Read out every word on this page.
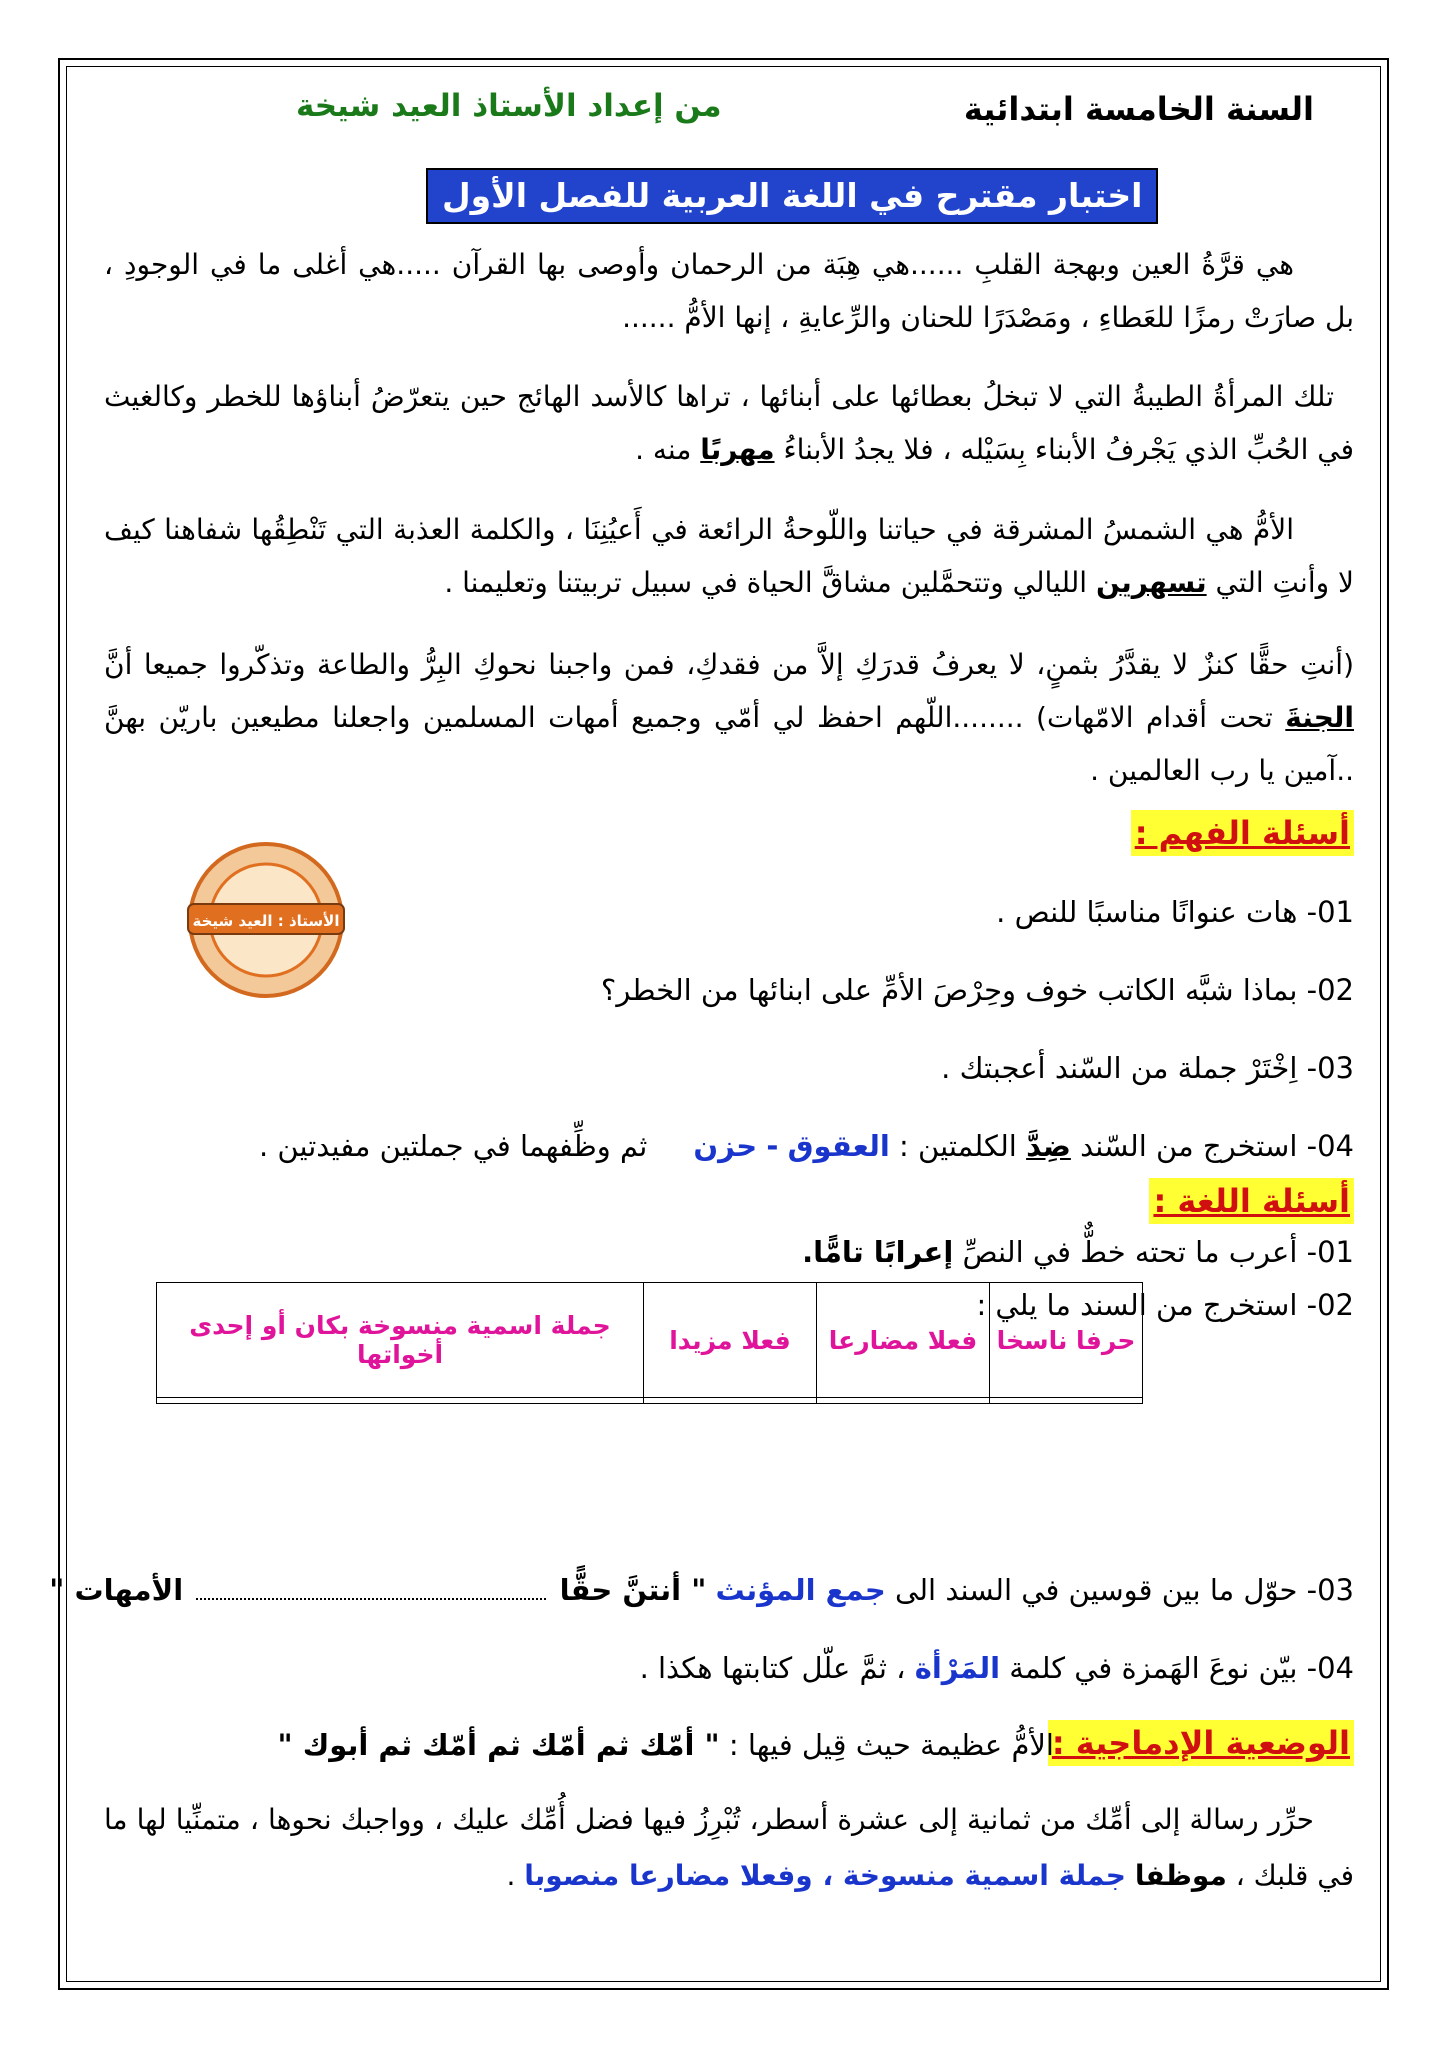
السنة الخامسة ابتدائية
من إعداد الأستاذ العيد شيخة
اختبار مقترح في اللغة العربية للفصل الأول
هي قرَّةُ العين وبهجة القلبِ ......هي هِبَة من الرحمان وأوصى بها القرآن .....هي أغلى ما في الوجودِ ، بل صارَتْ رمزًا للعَطاءِ ، ومَصْدَرًا للحنان والرِّعايةِ ، إنها الأمُّ ......
تلك المرأةُ الطيبةُ التي لا تبخلُ بعطائها على أبنائها ، تراها كالأسد الهائج حين يتعرّضُ أبناؤها للخطر وكالغيث في الحُبِّ الذي يَجْرفُ الأبناء بِسَيْله ، فلا يجدُ الأبناءُ مهربًا منه .
الأمُّ هي الشمسُ المشرقة في حياتنا واللّوحةُ الرائعة في أَعيُنِنَا ، والكلمة العذبة التي تَنْطِقُها شفاهنا كيف لا وأنتِ التي تسهرين الليالي وتتحمَّلين مشاقَّ الحياة في سبيل تربيتنا وتعليمنا .
(أنتِ حقًّا كنزٌ لا يقدَّرُ بثمنٍ، لا يعرفُ قدرَكِ إلاَّ من فقدكِ، فمن واجبنا نحوكِ البِرُّ والطاعة وتذكّروا جميعا أنَّ الجنةَ تحت أقدام الامّهات) ........اللّهم احفظ لي أمّي وجميع أمهات المسلمين واجعلنا مطيعين باريّن بهنَّ ..آمين يا رب العالمين .
أسئلة الفهم :
الأستاذ : العيد شيخة	01- هات عنوانًا مناسبًا للنص .
02- بماذا شبَّه الكاتب خوف وحِرْصَ الأمِّ على ابنائها من الخطر؟
03- اِخْتَرْ جملة من السّند أعجبتك .
04- استخرج من السّند ضِدَّ الكلمتين : العقوق - حزن     ثم وظِّفهما في جملتين مفيدتين .
أسئلة اللغة :
01- أعرب ما تحته خطٌّ في النصِّ إعرابًا تامًّا.
02- استخرج من السند ما يلي :
حرفا ناسخا	فعلا مضارعا	فعلا مزيدا	جملة اسمية منسوخة بكان أو إحدى أخواتها

03- حوّل ما بين قوسين في السند الى جمع المؤنث " أنتنَّ حقًّا  الأمهات "
04- بيّن نوعَ الهَمزة في كلمة المَرْأة ، ثمَّ علّل كتابتها هكذا .
الوضعية الإدماجية :
الأمُّ عظيمة حيث قِيل فيها : " أمّك ثم أمّك ثم أمّك ثم أبوك "
حرِّر رسالة إلى أمِّك من ثمانية إلى عشرة أسطر، تُبْرِزُ فيها فضل أُمِّك عليك ، وواجبك نحوها ، متمنِّيا لها ما في قلبك ، موظفا جملة اسمية منسوخة ، وفعلا مضارعا منصوبا .
